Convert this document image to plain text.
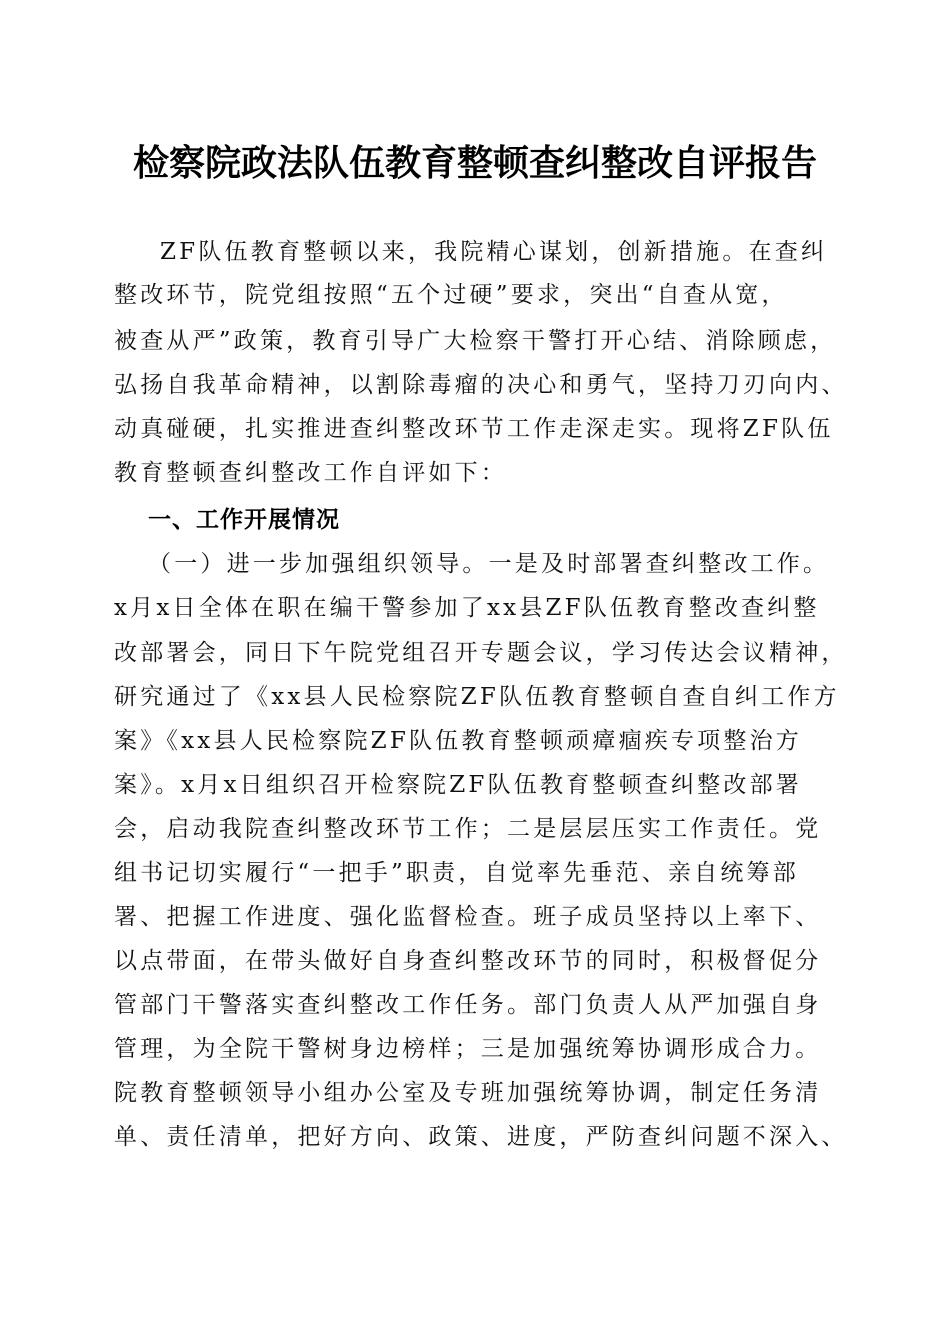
检察院政法队伍教育整顿查纠整改自评报告
ZF队伍教育整顿以来，我院精心谋划，创新措施。在查纠
整改环节，院党组按照“五个过硬”要求，突出“自查从宽，
被查从严”政策，教育引导广大检察干警打开心结、消除顾虑，
弘扬自我革命精神，以割除毒瘤的决心和勇气，坚持刀刃向内、
动真碰硬，扎实推进查纠整改环节工作走深走实。现将ZF队伍
教育整顿查纠整改工作自评如下：
一、工作开展情况
（一）进一步加强组织领导。一是及时部署查纠整改工作。
x月x日全体在职在编干警参加了xx县ZF队伍教育整改查纠整
改部署会，同日下午院党组召开专题会议，学习传达会议精神，
研究通过了《xx县人民检察院ZF队伍教育整顿自查自纠工作方
案》《xx县人民检察院ZF队伍教育整顿顽瘴痼疾专项整治方
案》。x月x日组织召开检察院ZF队伍教育整顿查纠整改部署
会，启动我院查纠整改环节工作；二是层层压实工作责任。党
组书记切实履行“一把手”职责，自觉率先垂范、亲自统筹部
署、把握工作进度、强化监督检查。班子成员坚持以上率下、
以点带面，在带头做好自身查纠整改环节的同时，积极督促分
管部门干警落实查纠整改工作任务。部门负责人从严加强自身
管理，为全院干警树身边榜样；三是加强统筹协调形成合力。
院教育整顿领导小组办公室及专班加强统筹协调，制定任务清
单、责任清单，把好方向、政策、进度，严防查纠问题不深入、
